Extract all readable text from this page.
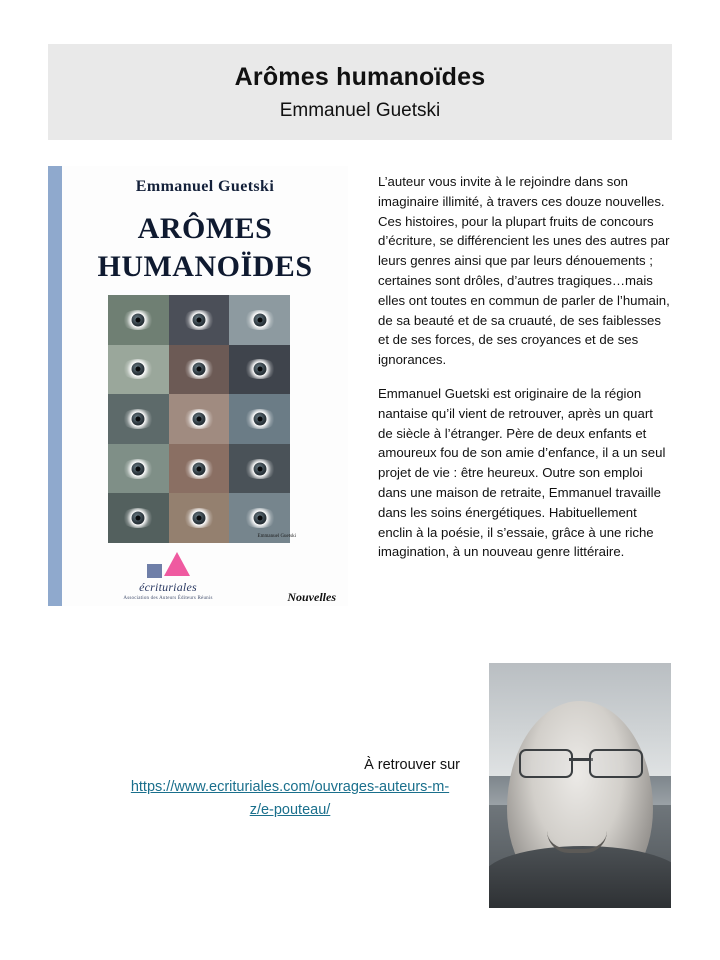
Arômes humanoïdes
Emmanuel Guetski
Emmanuel Guetski
ARÔMES
HUMANOÏDES
Emmanuel Guetski
écrituriales
Association des Auteurs Éditeurs Réunis	Nouvelles

L’auteur vous invite à le rejoindre dans son imaginaire illimité, à travers ces douze nouvelles. Ces histoires, pour la plupart fruits de concours d’écriture, se différencient les unes des autres par leurs genres ainsi que par leurs dénouements ; certaines sont drôles, d’autres tragiques…mais elles ont toutes en commun de parler de l’humain, de sa beauté et de sa cruauté, de ses faiblesses et de ses forces, de ses croyances et de ses ignorances.

Emmanuel Guetski est originaire de la région nantaise qu’il vient de retrouver, après un quart de siècle à l’étranger. Père de deux enfants et amoureux fou de son amie d’enfance, il a un seul projet de vie : être heureux. Outre son emploi dans une maison de retraite, Emmanuel travaille dans les soins énergétiques. Habituellement enclin à la poésie, il s’essaie, grâce à une riche imagination, à un nouveau genre littéraire.

À retrouver sur
https://www.ecrituriales.com/ouvrages-auteurs-m-z/e-pouteau/
